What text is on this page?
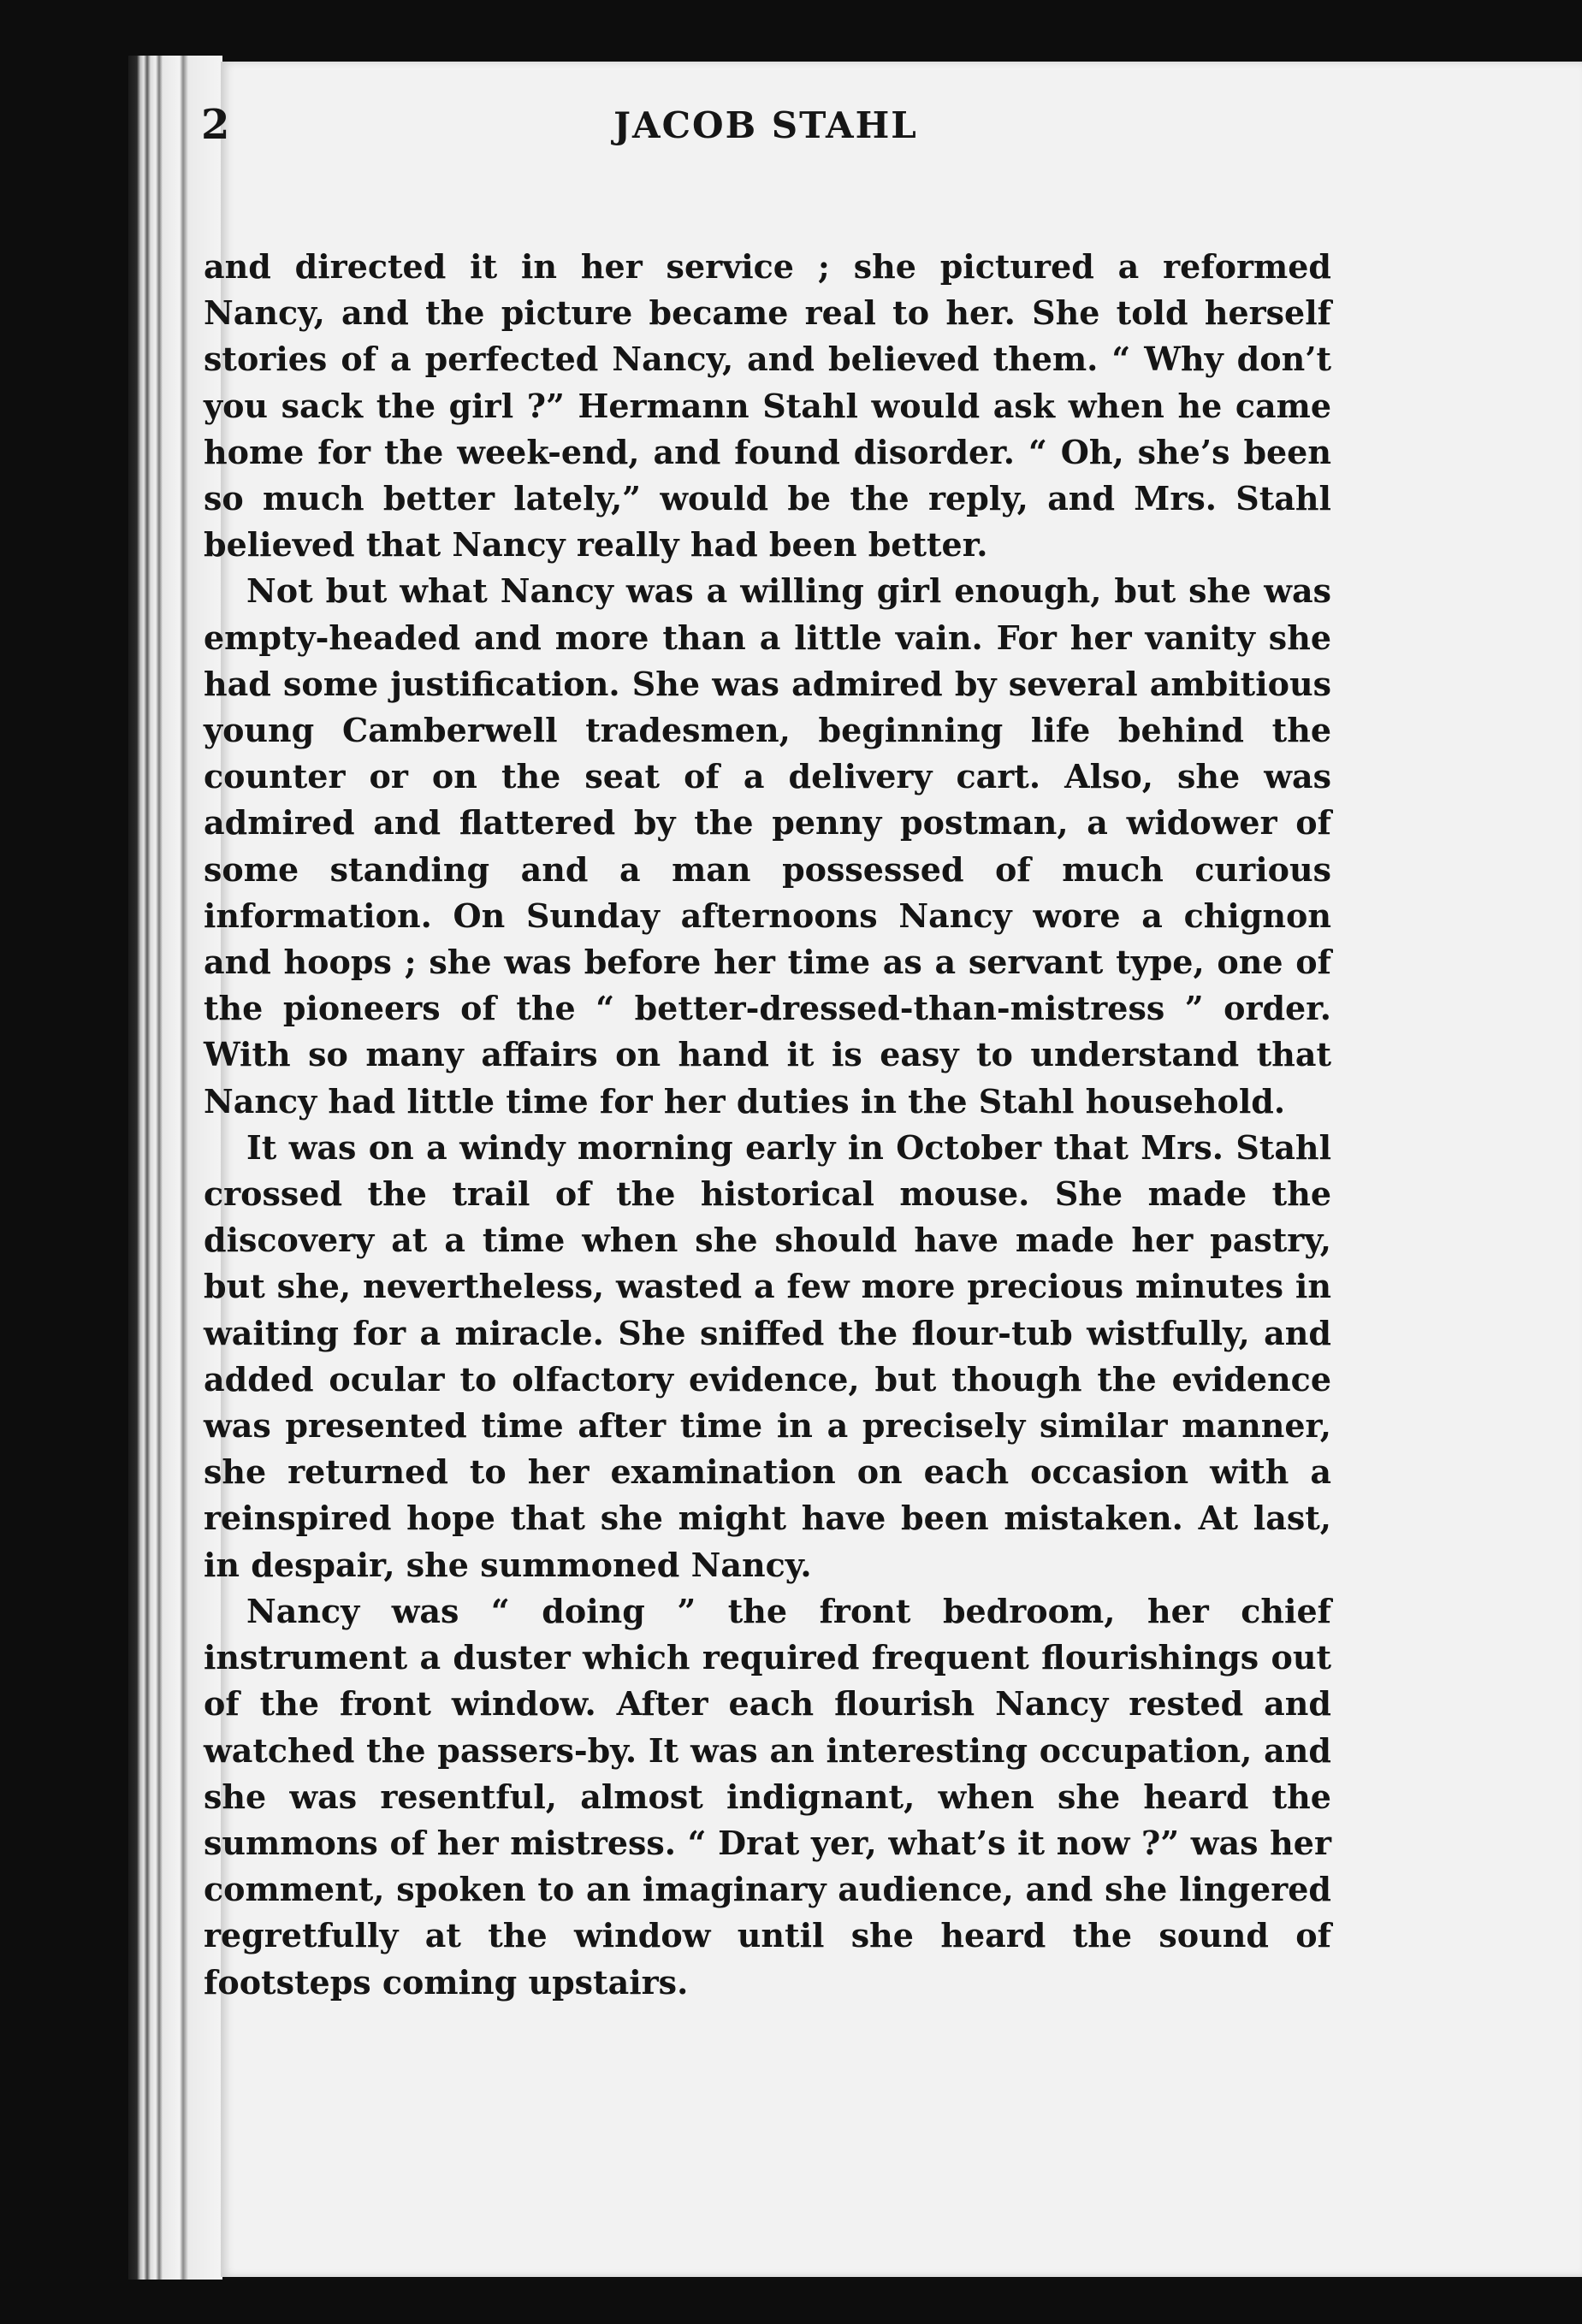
2	JACOB STAHL

and directed it in her service ; she pictured a reformed Nancy, and the picture became real to her. She told herself stories of a perfected Nancy, and believed them. “ Why don’t you sack the girl ?” Hermann Stahl would ask when he came home for the week-end, and found disorder. “ Oh, she’s been so much better lately,” would be the reply, and Mrs. Stahl believed that Nancy really had been better.

Not but what Nancy was a willing girl enough, but she was empty-headed and more than a little vain. For her vanity she had some justification. She was admired by several ambitious young Camberwell tradesmen, beginning life behind the counter or on the seat of a delivery cart. Also, she was admired and flattered by the penny postman, a widower of some standing and a man possessed of much curious information. On Sunday afternoons Nancy wore a chignon and hoops ; she was before her time as a servant type, one of the pioneers of the “ better-dressed-than-mistress ” order. With so many affairs on hand it is easy to understand that Nancy had little time for her duties in the Stahl household.

It was on a windy morning early in October that Mrs. Stahl crossed the trail of the historical mouse. She made the discovery at a time when she should have made her pastry, but she, nevertheless, wasted a few more precious minutes in waiting for a miracle. She sniffed the flour-tub wistfully, and added ocular to olfactory evidence, but though the evidence was presented time after time in a precisely similar manner, she returned to her examination on each occasion with a reinspired hope that she might have been mistaken. At last, in despair, she summoned Nancy.

Nancy was “ doing ” the front bedroom, her chief instrument a duster which required frequent flourishings out of the front window. After each flourish Nancy rested and watched the passers-by. It was an interesting occupation, and she was resentful, almost indignant, when she heard the summons of her mistress. “ Drat yer, what’s it now ?” was her comment, spoken to an imaginary audience, and she lingered regretfully at the window until she heard the sound of footsteps coming upstairs.
